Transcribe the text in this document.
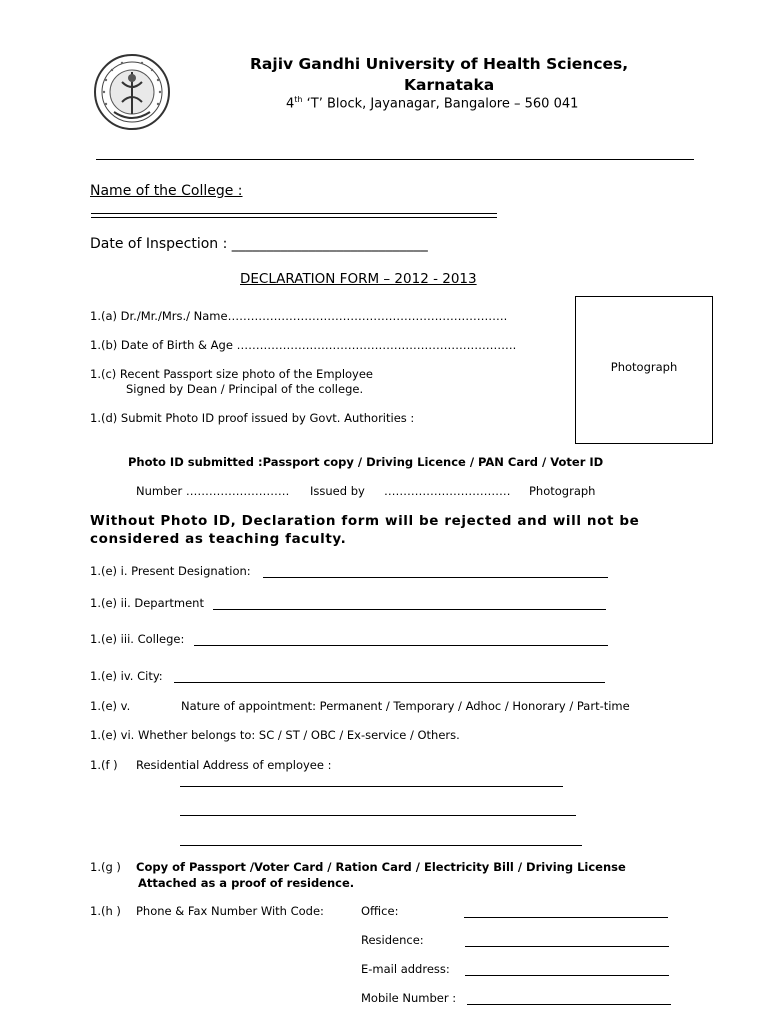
Rajiv Gandhi University of Health Sciences,
Karnataka
4th ‘T’ Block, Jayanagar, Bangalore – 560 041
Name of the College :
Date of Inspection : ____________________________
DECLARATION FORM – 2012 - 2013
1.(a) Dr./Mr./Mrs./ Name……………………………………………………………….
1.(b) Date of Birth & Age ……………………………………………………………….
1.(c) Recent Passport size photo of the Employee
Signed by Dean / Principal of the college.
1.(d) Submit Photo ID proof issued by Govt. Authorities :
Photograph
Photo ID submitted :Passport copy / Driving Licence / PAN Card / Voter ID
Number ……………………… Issued by …………………………… Photograph
Without Photo ID, Declaration form will be rejected and will not be
considered as teaching faculty.
1.(e) i. Present Designation:
1.(e) ii. Department
1.(e) iii. College:
1.(e) iv. City:
1.(e) v.	Nature of appointment: Permanent / Temporary / Adhoc / Honorary / Part-time
1.(e) vi. Whether belongs to: SC / ST / OBC / Ex-service / Others.
1.(f ) Residential Address of employee :
1.(g ) Copy of Passport /Voter Card / Ration Card / Electricity Bill / Driving License
Attached as a proof of residence.
1.(h ) Phone & Fax Number With Code:	Office:
Residence:
E-mail address:
Mobile Number :
